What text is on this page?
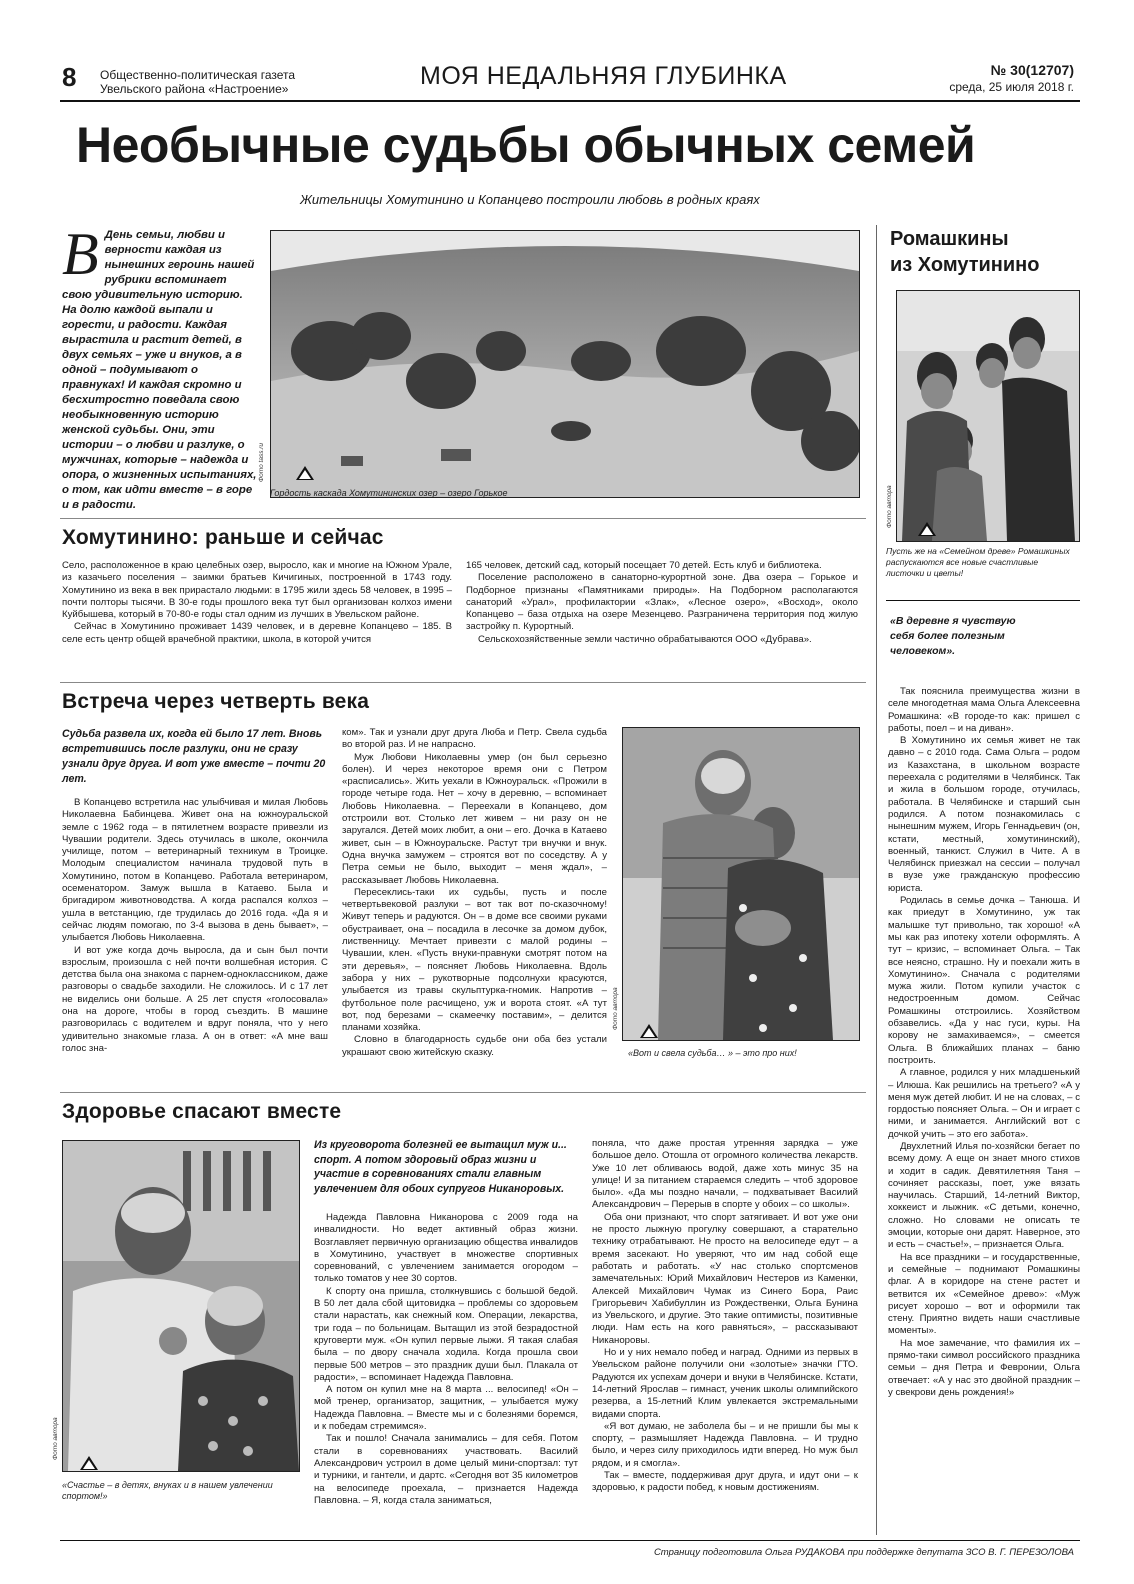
8 Общественно-политическая газета
Увельского района «Настроение»	МОЯ НЕДАЛЬНЯЯ ГЛУБИНКА	№ 30(12707)
среда, 25 июля 2018 г.
Необычные судьбы обычных семей
Жительницы Хомутинино и Копанцево построили любовь в родных краях
В День семьи, любви и верности каждая из нынешних героинь нашей рубрики вспоминает свою удивительную историю. На долю каждой выпали и горести, и радости. Каждая вырастила и растит детей, в двух семьях – уже и внуков, а в одной – подумывают о правнуках! И каждая скромно и бесхитростно поведала свою необыкновенную историю женской судьбы. Они, эти истории – о любви и разлуке, о мужчинах, которые – надежда и опора, о жизненных испытаниях, о том, как идти вместе – в горе и в радости.
Фото tass.ru
Гордость каскада Хомутининских озер – озеро Горькое
Ромашкины
из Хомутинино
Фото автора
Пусть же на «Семейном древе» Ромашкиных распускаются все новые счастливые листочки и цветы!
«В деревне я чувствую себя более полезным человеком».

Так пояснила преимущества жизни в селе многодетная мама Ольга Алексеевна Ромашкина: «В городе-то как: пришел с работы, поел – и на диван».

В Хомутинино их семья живет не так давно – с 2010 года. Сама Ольга – родом из Казахстана, в школьном возрасте переехала с родителями в Челябинск. Так и жила в большом городе, отучилась, работала. В Челябинске и старший сын родился. А потом познакомилась с нынешним мужем, Игорь Геннадьевич (он, кстати, местный, хомутининский), военный, танкист. Служил в Чите. А в Челябинск приезжал на сессии – получал в вузе уже гражданскую профессию юриста.

Родилась в семье дочка – Танюша. И как приедут в Хомутинино, уж так малышке тут привольно, так хорошо! «А мы как раз ипотеку хотели оформлять. А тут – кризис, – вспоминает Ольга. – Так все неясно, страшно. Ну и поехали жить в Хомутинино». Сначала с родителями мужа жили. Потом купили участок с недостроенным домом. Сейчас Ромашкины отстроились. Хозяйством обзавелись. «Да у нас гуси, куры. На корову не замахиваемся», – смеется Ольга. В ближайших планах – баню построить.

А главное, родился у них младшенький – Илюша. Как решились на третьего? «А у меня муж детей любит. И не на словах, – с гордостью поясняет Ольга. – Он и играет с ними, и занимается. Английский вот с дочкой учить – это его забота».

Двухлетний Илья по-хозяйски бегает по всему дому. А еще он знает много стихов и ходит в садик. Девятилетняя Таня – сочиняет рассказы, поет, уже вязать научилась. Старший, 14-летний Виктор, хоккеист и лыжник. «С детьми, конечно, сложно. Но словами не описать те эмоции, которые они дарят. Наверное, это и есть – счастье!», – признается Ольга.

На все праздники – и государственные, и семейные – поднимают Ромашкины флаг. А в коридоре на стене растет и ветвится их «Семейное древо»: «Муж рисует хорошо – вот и оформили так стену. Приятно видеть наши счастливые моменты».

На мое замечание, что фамилия их – прямо-таки символ российского праздника семьи – дня Петра и Февронии, Ольга отвечает: «А у нас это двойной праздник – у свекрови день рождения!»

Хомутинино: раньше и сейчас

Село, расположенное в краю целебных озер, выросло, как и многие на Южном Урале, из казачьего поселения – заимки братьев Кичигиных, построенной в 1743 году. Хомутинино из века в век прирастало людьми: в 1795 жили здесь 58 человек, в 1995 – почти полторы тысячи. В 30-е годы прошлого века тут был организован колхоз имени Куйбышева, который в 70-80-е годы стал одним из лучших в Увельском районе.

Сейчас в Хомутинино проживает 1439 человек, и в деревне Копанцево – 185. В селе есть центр общей врачебной практики, школа, в которой учится

165 человек, детский сад, который посещает 70 детей. Есть клуб и библиотека.

Поселение расположено в санаторно-курортной зоне. Два озера – Горькое и Подборное признаны «Памятниками природы». На Подборном располагаются санаторий «Урал», профилактории «Злак», «Лесное озеро», «Восход», около Копанцево – база отдыха на озере Мезенцево. Разграничена территория под жилую застройку п. Курортный.

Сельскохозяйственные земли частично обрабатываются ООО «Дубрава».

Встреча через четверть века
Судьба развела их, когда ей было 17 лет. Вновь встретившись после разлуки, они не сразу узнали друг друга. И вот уже вместе – почти 20 лет.

В Копанцево встретила нас улыбчивая и милая Любовь Николаевна Бабинцева. Живет она на южноуральской земле с 1962 года – в пятилетнем возрасте привезли из Чувашии родители. Здесь отучилась в школе, окончила училище, потом – ветеринарный техникум в Троицке. Молодым специалистом начинала трудовой путь в Хомутинино, потом в Копанцево. Работала ветеринаром, осеменатором. Замуж вышла в Катаево. Была и бригадиром животноводства. А когда распался колхоз – ушла в ветстанцию, где трудилась до 2016 года. «Да я и сейчас людям помогаю, по 3-4 вызова в день бывает», – улыбается Любовь Николаевна.

И вот уже когда дочь выросла, да и сын был почти взрослым, произошла с ней почти волшебная история. С детства была она знакома с парнем-одноклассником, даже разговоры о свадьбе заходили. Не сложилось. И с 17 лет не виделись они больше. А 25 лет спустя «голосовала» она на дороге, чтобы в город съездить. В машине разговорилась с водителем и вдруг поняла, что у него удивительно знакомые глаза. А он в ответ: «А мне ваш голос зна-

ком». Так и узнали друг друга Люба и Петр. Свела судьба во второй раз. И не напрасно.

Муж Любови Николаевны умер (он был серьезно болен). И через некоторое время они с Петром «расписались». Жить уехали в Южноуральск. «Прожили в городе четыре года. Нет – хочу в деревню, – вспоминает Любовь Николаевна. – Переехали в Копанцево, дом отстроили вот. Столько лет живем – ни разу он не заругался. Детей моих любит, а они – его. Дочка в Катаево живет, сын – в Южноуральске. Растут три внучки и внук. Одна внучка замужем – строятся вот по соседству. А у Петра семьи не было, выходит – меня ждал», – рассказывает Любовь Николаевна.

Пересеклись-таки их судьбы, пусть и после четвертьвековой разлуки – вот так вот по-сказочному! Живут теперь и радуются. Он – в доме все своими руками обустраивает, она – посадила в лесочке за домом дубок, лиственницу. Мечтает привезти с малой родины – Чувашии, клен. «Пусть внуки-правнуки смотрят потом на эти деревья», – поясняет Любовь Николаевна. Вдоль забора у них – рукотворные подсолнухи красуются, улыбается из травы скульптурка-гномик. Напротив – футбольное поле расчищено, уж и ворота стоят. «А тут вот, под березами – скамеечку поставим», – делится планами хозяйка.

Словно в благодарность судьбе они оба без устали украшают свою житейскую сказку.

Фото автора
«Вот и свела судьба… » – это про них!
Здоровье спасают вместе
Фото автора
«Счастье – в детях, внуках и в нашем увлечении спортом!»
Из круговорота болезней ее вытащил муж и... спорт. А потом здоровый образ жизни и участие в соревнованиях стали главным увлечением для обоих супругов Никаноровых.

Надежда Павловна Никанорова с 2009 года на инвалидности. Но ведет активный образ жизни. Возглавляет первичную организацию общества инвалидов в Хомутинино, участвует в множестве спортивных соревнований, с увлечением занимается огородом – только томатов у нее 30 сортов.

К спорту она пришла, столкнувшись с большой бедой. В 50 лет дала сбой щитовидка – проблемы со здоровьем стали нарастать, как снежный ком. Операции, лекарства, три года – по больницам. Вытащил из этой безрадостной круговерти муж. «Он купил первые лыжи. Я такая слабая была – по двору сначала ходила. Когда прошла свои первые 500 метров – это праздник души был. Плакала от радости», – вспоминает Надежда Павловна.

А потом он купил мне на 8 марта ... велосипед! «Он – мой тренер, организатор, защитник, – улыбается мужу Надежда Павловна. – Вместе мы и с болезнями боремся, и к победам стремимся».

Так и пошло! Сначала занимались – для себя. Потом стали в соревнованиях участвовать. Василий Александрович устроил в доме целый мини-спортзал: тут и турники, и гантели, и дартс. «Сегодня вот 35 километров на велосипеде проехала, – признается Надежда Павловна. – Я, когда стала заниматься,

поняла, что даже простая утренняя зарядка – уже большое дело. Отошла от огромного количества лекарств. Уже 10 лет обливаюсь водой, даже хоть минус 35 на улице! И за питанием стараемся следить – чтоб здоровое было». «Да мы поздно начали, – подхватывает Василий Александрович – Перерыв в спорте у обоих – со школы».

Оба они признают, что спорт затягивает. И вот уже они не просто лыжную прогулку совершают, а старательно технику отрабатывают. Не просто на велосипеде едут – а время засекают. Но уверяют, что им над собой еще работать и работать. «У нас столько спортсменов замечательных: Юрий Михайлович Нестеров из Каменки, Алексей Михайлович Чумак из Синего Бора, Раис Григорьевич Хабибуллин из Рождественки, Ольга Бунина из Увельского, и другие. Это такие оптимисты, позитивные люди. Нам есть на кого равняться», – рассказывают Никаноровы.

Но и у них немало побед и наград. Одними из первых в Увельском районе получили они «золотые» значки ГТО. Радуются их успехам дочери и внуки в Челябинске. Кстати, 14-летний Ярослав – гимнаст, ученик школы олимпийского резерва, а 15-летний Клим увлекается экстремальными видами спорта.

«Я вот думаю, не заболела бы – и не пришли бы мы к спорту, – размышляет Надежда Павловна. – И трудно было, и через силу приходилось идти вперед. Но муж был рядом, и я смогла».

Так – вместе, поддерживая друг друга, и идут они – к здоровью, к радости побед, к новым достижениям.

Страницу подготовила Ольга РУДАКОВА при поддержке депутата ЗСО В. Г. ПЕРЕЗОЛОВА
